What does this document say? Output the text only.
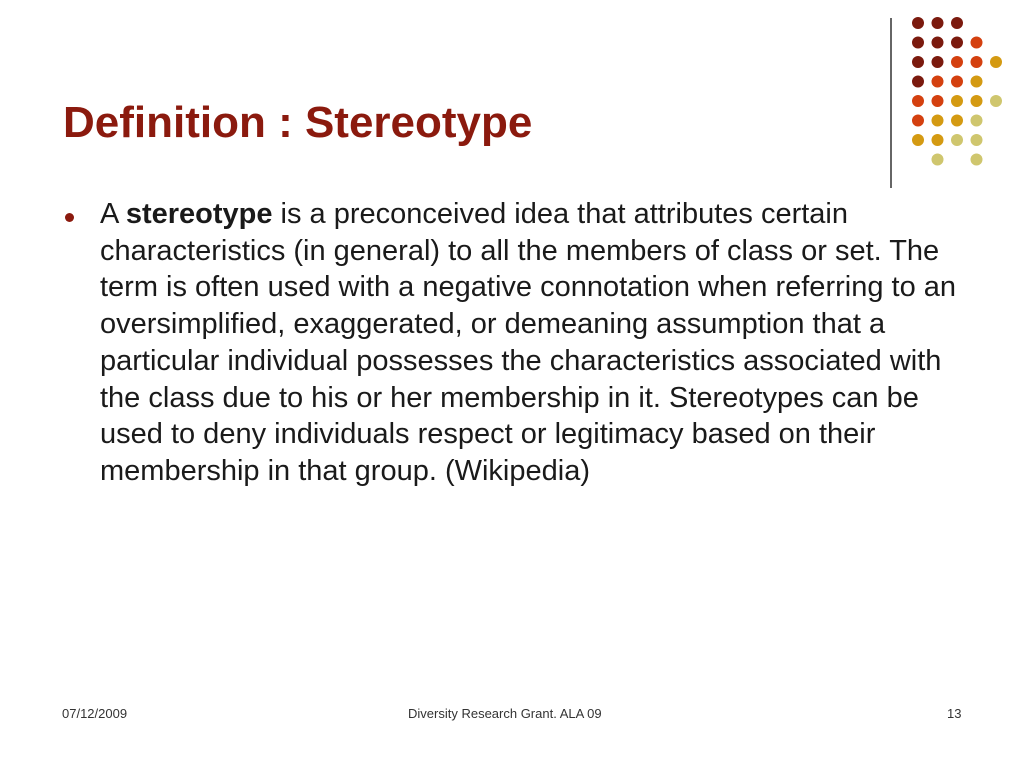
Definition : Stereotype
A stereotype is a preconceived idea that attributes certain characteristics (in general) to all the members of class or set. The term is often used with a negative connotation when referring to an oversimplified, exaggerated, or demeaning assumption that a particular individual possesses the characteristics associated with the class due to his or her membership in it. Stereotypes can be used to deny individuals respect or legitimacy based on their membership in that group. (Wikipedia)
07/12/2009	Diversity Research Grant. ALA 09	13
